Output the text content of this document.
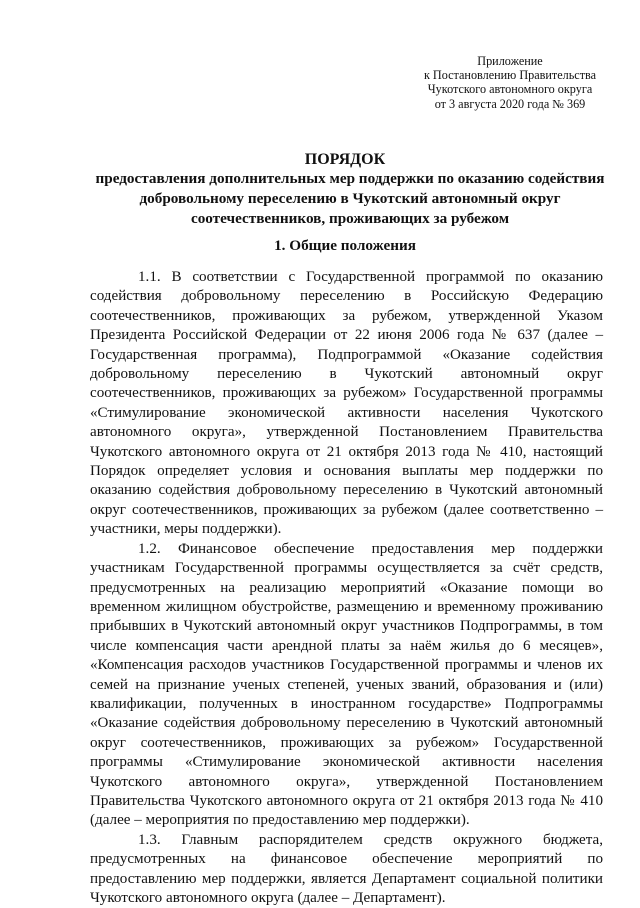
Приложение
к Постановлению Правительства
Чукотского автономного округа
от 3 августа 2020 года № 369
ПОРЯДОК
предоставления дополнительных мер поддержки по оказанию содействия добровольному переселению в Чукотский автономный округ соотечественников, проживающих за рубежом
1. Общие положения

1.1. В соответствии с Государственной программой по оказанию содействия добровольному переселению в Российскую Федерацию соотечественников, проживающих за рубежом, утвержденной Указом Президента Российской Федерации от 22 июня 2006 года № 637 (далее – Государственная программа), Подпрограммой «Оказание содействия добровольному переселению в Чукотский автономный округ соотечественников, проживающих за рубежом» Государственной программы «Стимулирование экономической активности населения Чукотского автономного округа», утвержденной Постановлением Правительства Чукотского автономного округа от 21 октября 2013 года № 410, настоящий Порядок определяет условия и основания выплаты мер поддержки по оказанию содействия добровольному переселению в Чукотский автономный округ соотечественников, проживающих за рубежом (далее соответственно – участники, меры поддержки).

1.2. Финансовое обеспечение предоставления мер поддержки участникам Государственной программы осуществляется за счёт средств, предусмотренных на реализацию мероприятий «Оказание помощи во временном жилищном обустройстве, размещению и временному проживанию прибывших в Чукотский автономный округ участников Подпрограммы, в том числе компенсация части арендной платы за наём жилья до 6 месяцев», «Компенсация расходов участников Государственной программы и членов их семей на признание ученых степеней, ученых званий, образования и (или) квалификации, полученных в иностранном государстве» Подпрограммы «Оказание содействия добровольному переселению в Чукотский автономный округ соотечественников, проживающих за рубежом» Государственной программы «Стимулирование экономической активности населения Чукотского автономного округа», утвержденной Постановлением Правительства Чукотского автономного округа от 21 октября 2013 года № 410 (далее – мероприятия по предоставлению мер поддержки).

1.3. Главным распорядителем средств окружного бюджета, предусмотренных на финансовое обеспечение мероприятий по предоставлению мер поддержки, является Департамент социальной политики Чукотского автономного округа (далее – Департамент).
